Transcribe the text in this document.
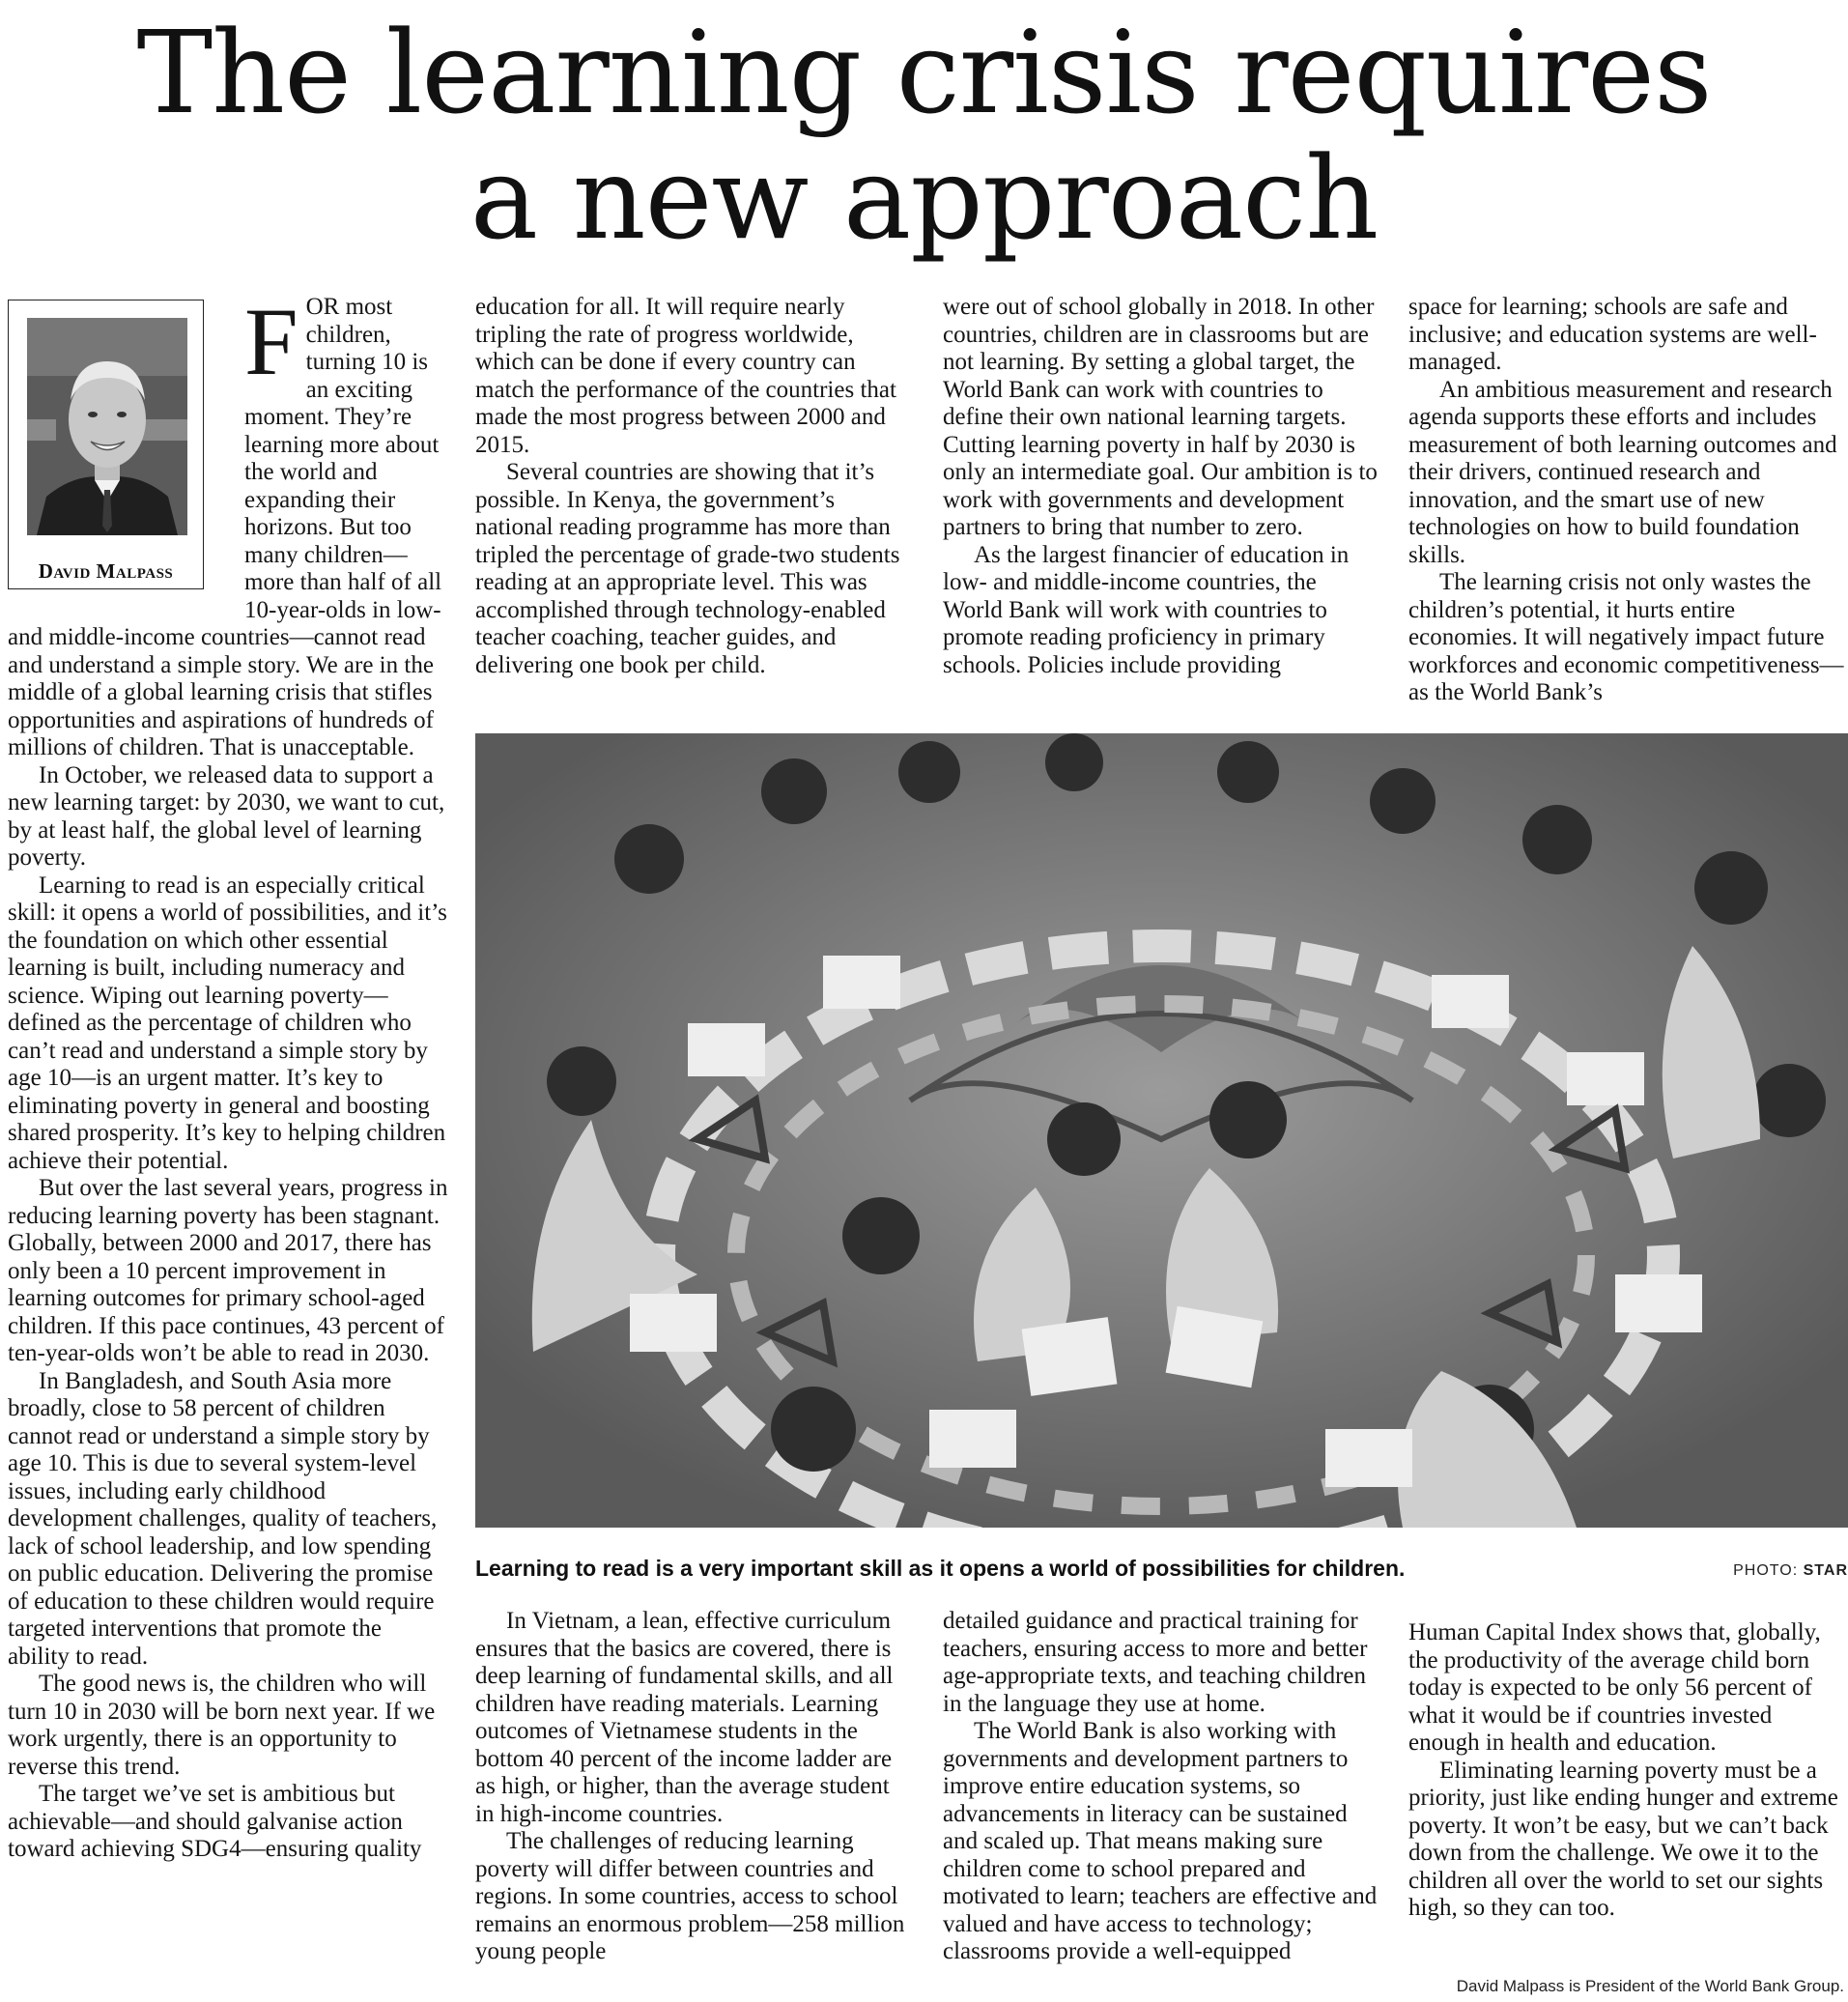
The learning crisis requires
a new approach
David Malpass

FOR most children, turning 10 is an exciting moment. They’re learning more about the world and expanding their horizons. But too many children—more than half of all 10-year-olds in low- and middle-income countries—cannot read and understand a simple story. We are in the middle of a global learning crisis that stifles opportunities and aspirations of hundreds of millions of children. That is unacceptable.

In October, we released data to support a new learning target: by 2030, we want to cut, by at least half, the global level of learning poverty.

Learning to read is an especially critical skill: it opens a world of possibilities, and it’s the foundation on which other essential learning is built, including numeracy and science. Wiping out learning poverty—defined as the percentage of children who can’t read and understand a simple story by age 10—is an urgent matter. It’s key to eliminating poverty in general and boosting shared prosperity. It’s key to helping children achieve their potential.

But over the last several years, progress in reducing learning poverty has been stagnant. Globally, between 2000 and 2017, there has only been a 10 percent improvement in learning outcomes for primary school-aged children. If this pace continues, 43 percent of ten-year-olds won’t be able to read in 2030.

In Bangladesh, and South Asia more broadly, close to 58 percent of children cannot read or understand a simple story by age 10. This is due to several system-level issues, including early childhood development challenges, quality of teachers, lack of school leadership, and low spending on public education. Delivering the promise of education to these children would require targeted interventions that promote the ability to read.

The good news is, the children who will turn 10 in 2030 will be born next year. If we work urgently, there is an opportunity to reverse this trend.

The target we’ve set is ambitious but achievable—and should galvanise action toward achieving SDG4—ensuring quality

education for all. It will require nearly tripling the rate of progress worldwide, which can be done if every country can match the performance of the countries that made the most progress between 2000 and 2015.

Several countries are showing that it’s possible. In Kenya, the government’s national reading programme has more than tripled the percentage of grade-two students reading at an appropriate level. This was accomplished through technology-enabled teacher coaching, teacher guides, and delivering one book per child.

were out of school globally in 2018. In other countries, children are in classrooms but are not learning. By setting a global target, the World Bank can work with countries to define their own national learning targets. Cutting learning poverty in half by 2030 is only an intermediate goal. Our ambition is to work with governments and development partners to bring that number to zero.

As the largest financier of education in low- and middle-income countries, the World Bank will work with countries to promote reading proficiency in primary schools. Policies include providing

space for learning; schools are safe and inclusive; and education systems are well-managed.

An ambitious measurement and research agenda supports these efforts and includes measurement of both learning outcomes and their drivers, continued research and innovation, and the smart use of new technologies on how to build foundation skills.

The learning crisis not only wastes the children’s potential, it hurts entire economies. It will negatively impact future workforces and economic competitiveness—as the World Bank’s

Learning to read is a very important skill as it opens a world of possibilities for children.	PHOTO: STAR

In Vietnam, a lean, effective curriculum ensures that the basics are covered, there is deep learning of fundamental skills, and all children have reading materials. Learning outcomes of Vietnamese students in the bottom 40 percent of the income ladder are as high, or higher, than the average student in high-income countries.

The challenges of reducing learning poverty will differ between countries and regions. In some countries, access to school remains an enormous problem—258 million young people

detailed guidance and practical training for teachers, ensuring access to more and better age-appropriate texts, and teaching children in the language they use at home.

The World Bank is also working with governments and development partners to improve entire education systems, so advancements in literacy can be sustained and scaled up. That means making sure children come to school prepared and motivated to learn; teachers are effective and valued and have access to technology; classrooms provide a well-equipped

Human Capital Index shows that, globally, the productivity of the average child born today is expected to be only 56 percent of what it would be if countries invested enough in health and education.

Eliminating learning poverty must be a priority, just like ending hunger and extreme poverty. It won’t be easy, but we can’t back down from the challenge. We owe it to the children all over the world to set our sights high, so they can too.

David Malpass is President of the World Bank Group.
